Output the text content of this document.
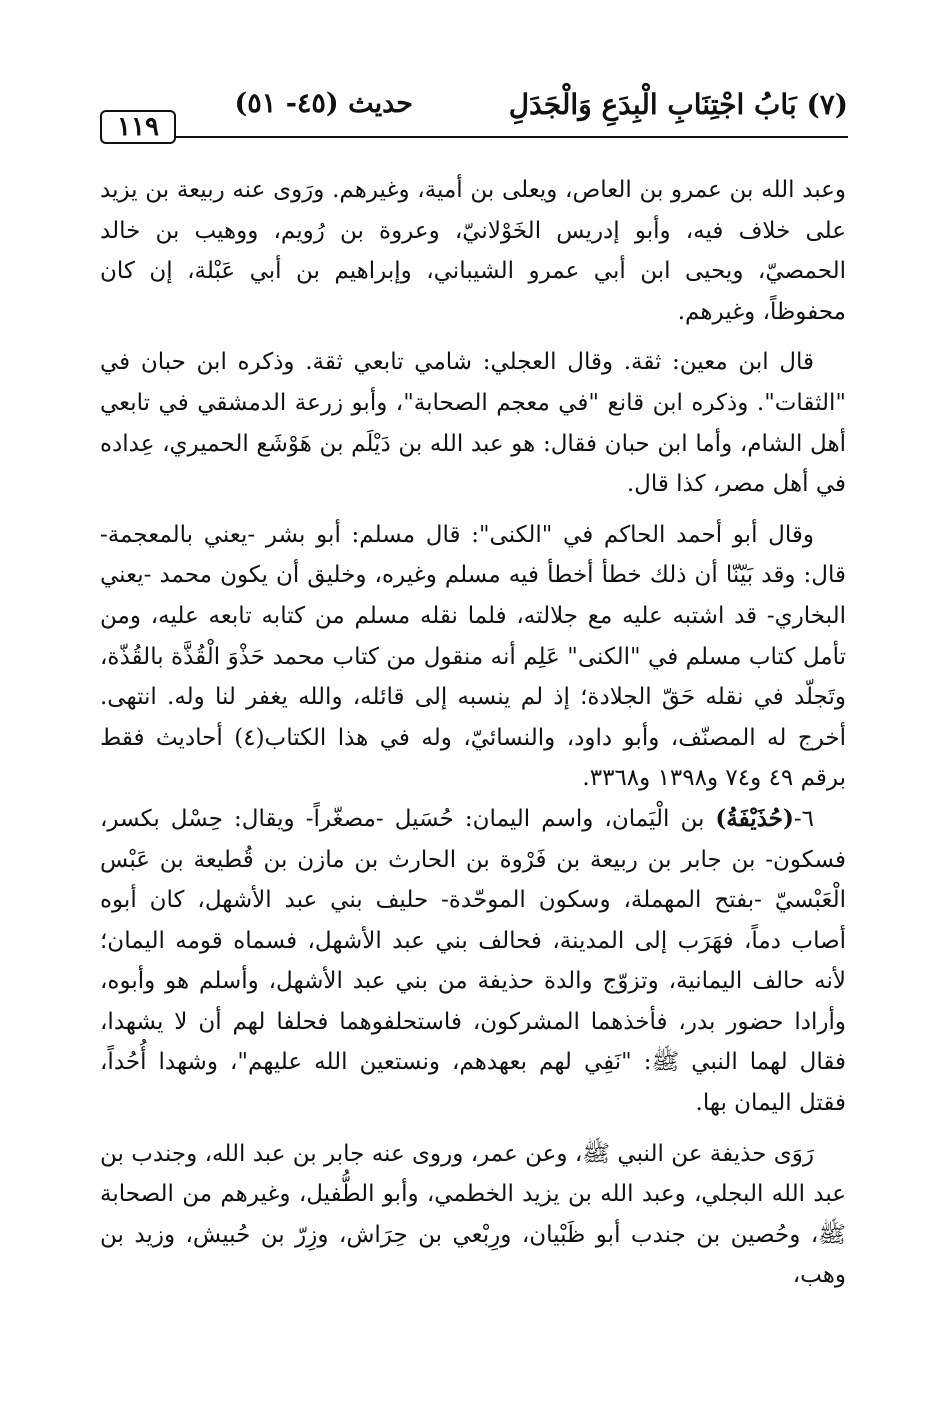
(٧) بَابُ اجْتِنَابِ الْبِدَعِ وَالْجَدَلِ
حديث (٤٥- ٥١)
١١٩

وعبد الله بن عمرو بن العاص، ويعلى بن أمية، وغيرهم. ورَوى عنه ربيعة بن يزيد على خلاف فيه، وأبو إدريس الخَوْلانيّ، وعروة بن رُويم، ووهيب بن خالد الحمصيّ، ويحيى ابن أبي عمرو الشيباني، وإبراهيم بن أبي عَبْلة، إن كان محفوظاً، وغيرهم.

قال ابن معين: ثقة. وقال العجلي: شامي تابعي ثقة. وذكره ابن حبان في "الثقات". وذكره ابن قانع "في معجم الصحابة"، وأبو زرعة الدمشقي في تابعي أهل الشام، وأما ابن حبان فقال: هو عبد الله بن دَيْلَم بن هَوْشَع الحميري، عِداده في أهل مصر، كذا قال.

وقال أبو أحمد الحاكم في "الكنى": قال مسلم: أبو بشر -يعني بالمعجمة- قال: وقد بَيّنّا أن ذلك خطأ أخطأ فيه مسلم وغيره، وخليق أن يكون محمد -يعني البخاري- قد اشتبه عليه مع جلالته، فلما نقله مسلم من كتابه تابعه عليه، ومن تأمل كتاب مسلم في "الكنى" عَلِم أنه منقول من كتاب محمد حَذْوَ الْقُذَّة بالقُذّة، وتَجلّد في نقله حَقّ الجلادة؛ إذ لم ينسبه إلى قائله، والله يغفر لنا وله. انتهى. أخرج له المصنّف، وأبو داود، والنسائيّ، وله في هذا الكتاب(٤) أحاديث فقط برقم ٤٩ و٧٤ و١٣٩٨ و٣٣٦٨.

٦-(حُذَيْفَةُ) بن الْيَمان، واسم اليمان: حُسَيل -مصغّراً- ويقال: حِسْل بكسر، فسكون- بن جابر بن ربيعة بن فَرْوة بن الحارث بن مازن بن قُطيعة بن عَبْس الْعَبْسيّ -بفتح المهملة، وسكون الموحّدة- حليف بني عبد الأشهل، كان أبوه أصاب دماً، فهَرَب إلى المدينة، فحالف بني عبد الأشهل، فسماه قومه اليمان؛ لأنه حالف اليمانية، وتزوّج والدة حذيفة من بني عبد الأشهل، وأسلم هو وأبوه، وأرادا حضور بدر، فأخذهما المشركون، فاستحلفوهما فحلفا لهم أن لا يشهدا، فقال لهما النبي ﷺ: "نَفِي لهم بعهدهم، ونستعين الله عليهم"، وشهدا أُحُداً، فقتل اليمان بها.

رَوَى حذيفة عن النبي ﷺ، وعن عمر، وروى عنه جابر بن عبد الله، وجندب بن عبد الله البجلي، وعبد الله بن يزيد الخطمي، وأبو الطُّفيل، وغيرهم من الصحابة ﷺ، وحُصين بن جندب أبو ظَبْيان، ورِبْعي بن حِرَاش، وزِرّ بن حُبيش، وزيد بن وهب،
